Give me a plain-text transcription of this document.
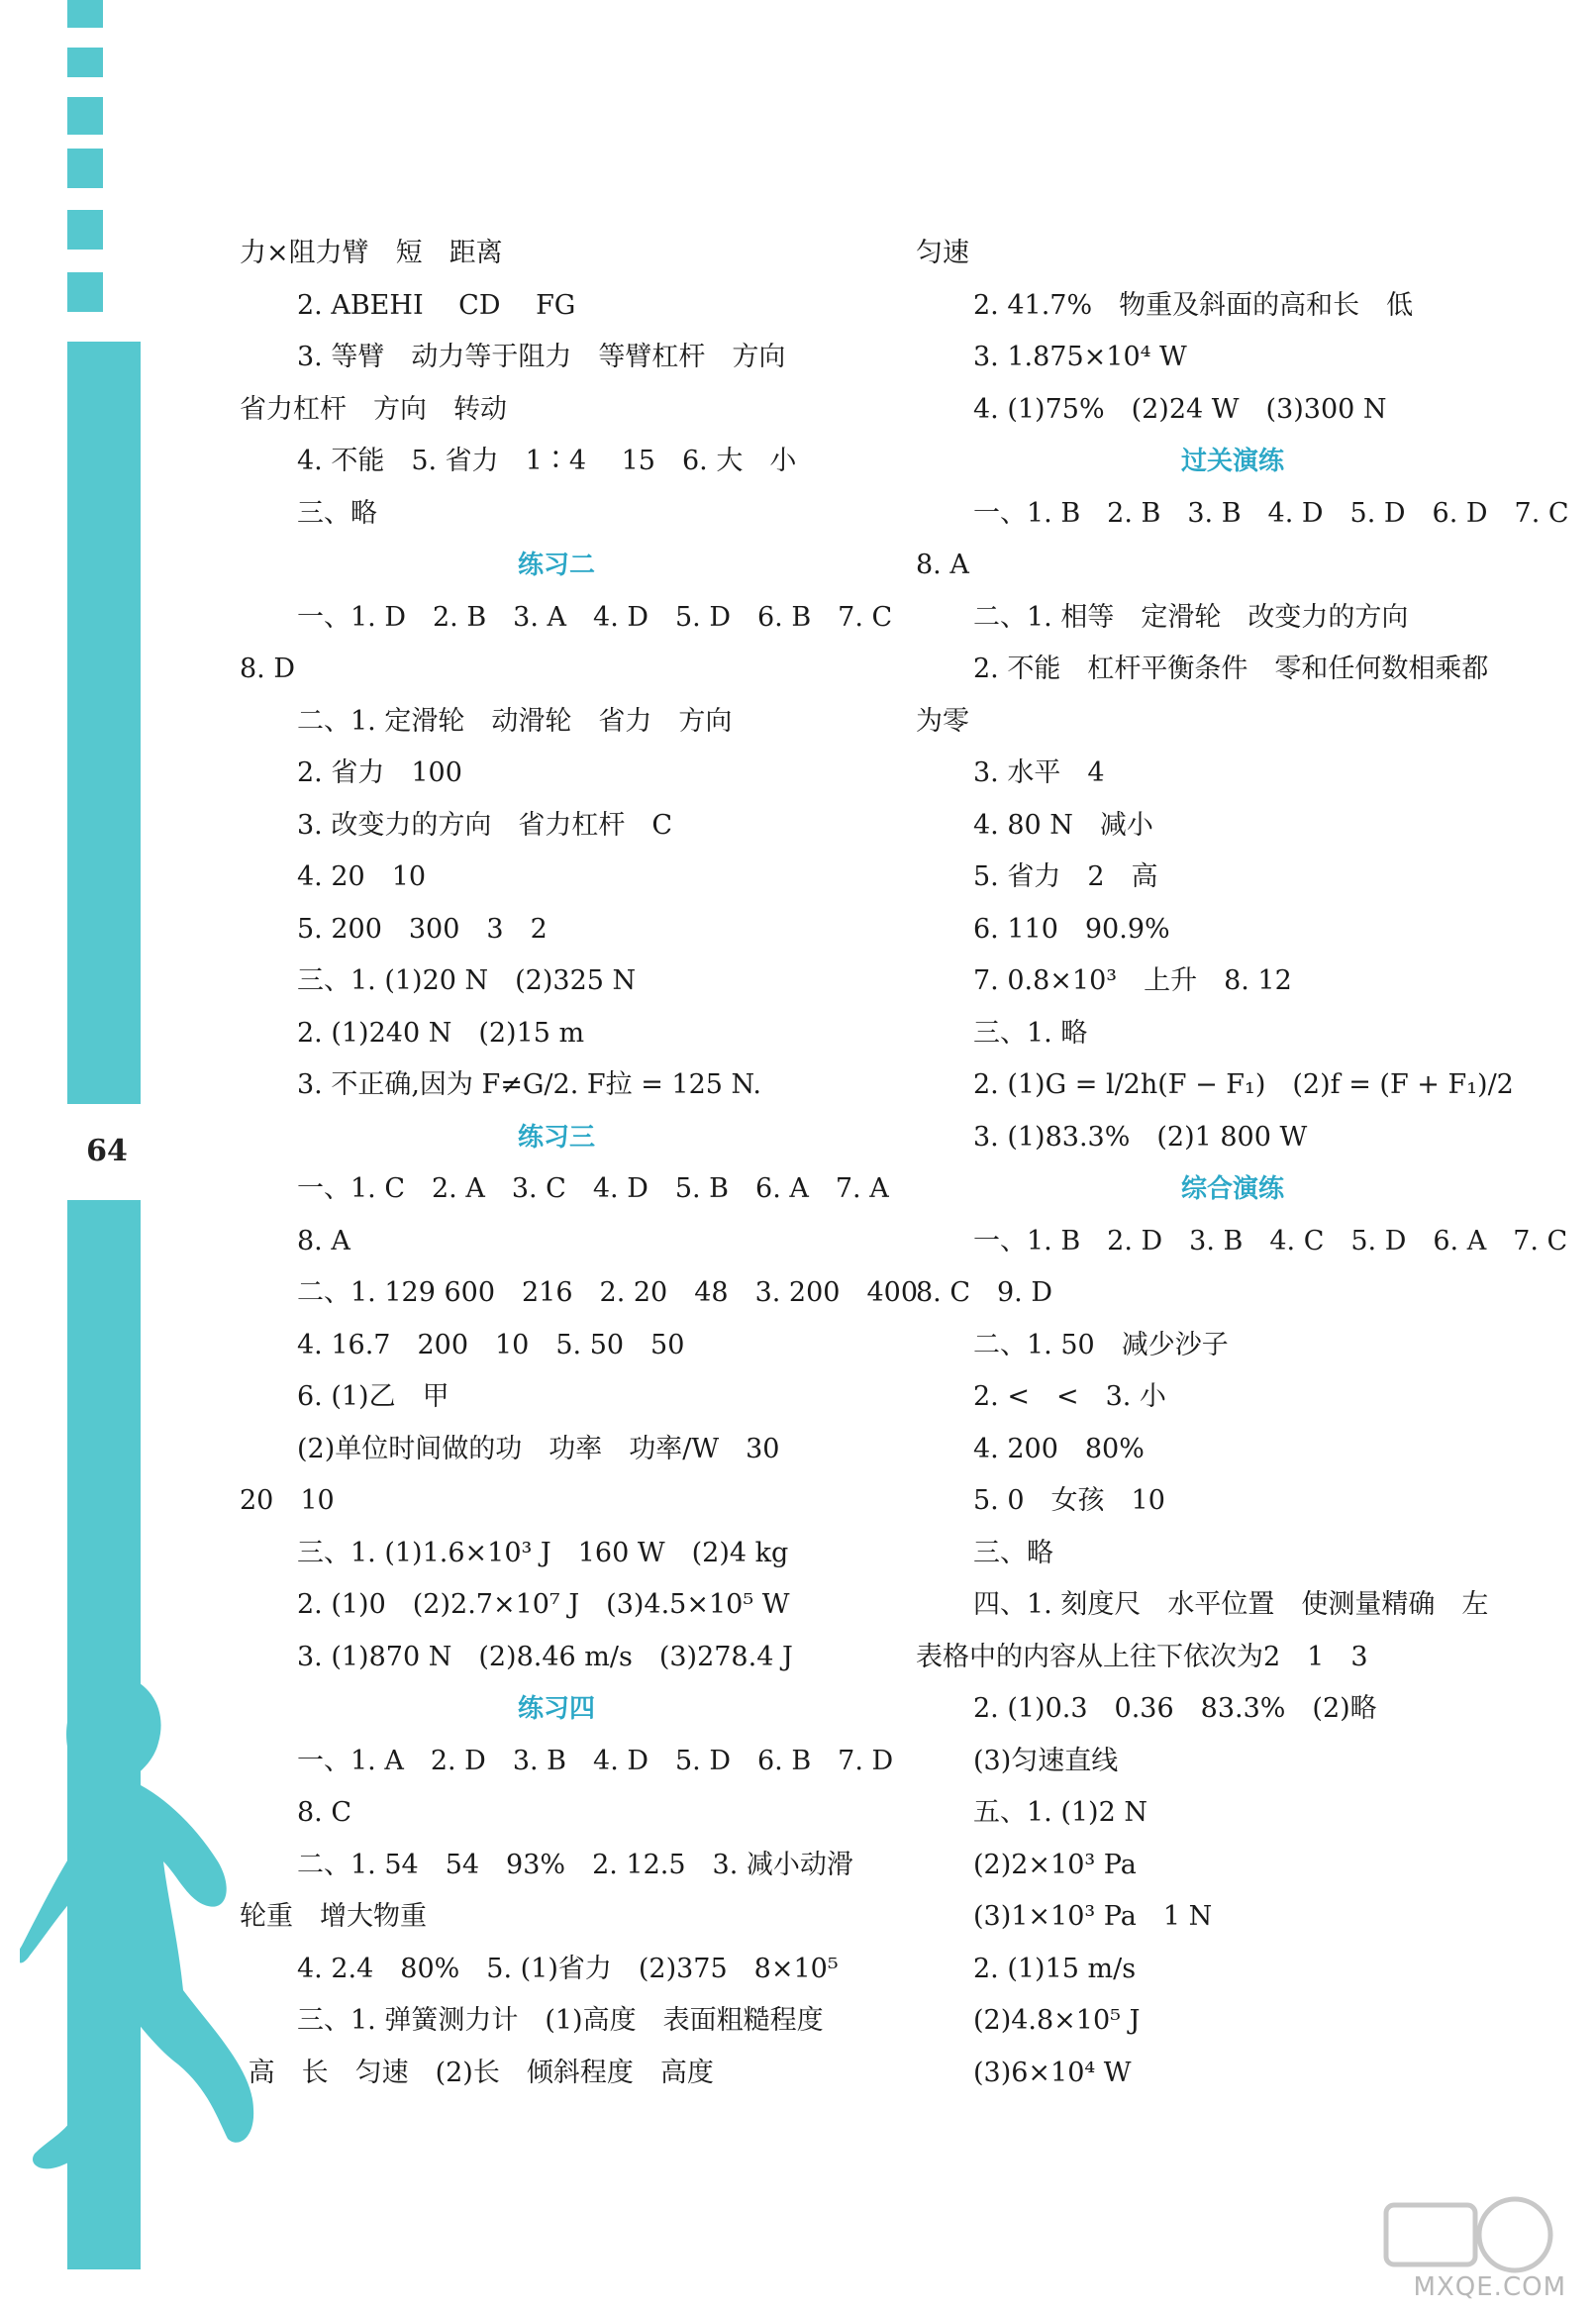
64
力×阻力臂　短　距离
2. ABEHI　 CD 　FG
3. 等臂　动力等于阻力　等臂杠杆　方向
省力杠杆　方向　转动
4. 不能　5. 省力　1∶4　 15　6. 大　小
三、略
练习二
一、1. D　2. B　3. A　4. D　5. D　6. B　7. C
8. D
二、1. 定滑轮　动滑轮　省力　方向
2. 省力　100
3. 改变力的方向　省力杠杆　C
4. 20　10
5. 200　300　3　2
三、1. (1)20 N　(2)325 N
2. (1)240 N　(2)15 m
3. 不正确,因为 F≠G/2. F拉 = 125 N.
练习三
一、1. C　2. A　3. C　4. D　5. B　6. A　7. A
8. A
二、1. 129 600　216　2. 20　48　3. 200　400
4. 16.7　200　10　5. 50　50
6. (1)乙　甲
(2)单位时间做的功　功率　功率/W　30
20　10
三、1. (1)1.6×10³ J　160 W　(2)4 kg
2. (1)0　(2)2.7×10⁷ J　(3)4.5×10⁵ W
3. (1)870 N　(2)8.46 m/s　(3)278.4 J
练习四
一、1. A　2. D　3. B　4. D　5. D　6. B　7. D
8. C
二、1. 54　54　93%　2. 12.5　3. 减小动滑
轮重　增大物重
4. 2.4　80%　5. (1)省力　(2)375　8×10⁵
三、1. 弹簧测力计　(1)高度　表面粗糙程度
高　长　匀速　(2)长　倾斜程度　高度
匀速
2. 41.7%　物重及斜面的高和长　低
3. 1.875×10⁴ W
4. (1)75%　(2)24 W　(3)300 N
过关演练
一、1. B　2. B　3. B　4. D　5. D　6. D　7. C
8. A
二、1. 相等　定滑轮　改变力的方向
2. 不能　杠杆平衡条件　零和任何数相乘都
为零
3. 水平　4
4. 80 N　减小
5. 省力　2　高
6. 110　90.9%
7. 0.8×10³　上升　8. 12
三、1. 略
2. (1)G = l/2h(F − F₁)　(2)f = (F + F₁)/2
3. (1)83.3%　(2)1 800 W
综合演练
一、1. B　2. D　3. B　4. C　5. D　6. A　7. C
8. C　9. D
二、1. 50　减少沙子
2. <　<　3. 小
4. 200　80%
5. 0　女孩　10
三、略
四、1. 刻度尺　水平位置　使测量精确　左
表格中的内容从上往下依次为2　1　3
2. (1)0.3　0.36　83.3%　(2)略
(3)匀速直线
五、1. (1)2 N
(2)2×10³ Pa
(3)1×10³ Pa　1 N
2. (1)15 m/s
(2)4.8×10⁵ J
(3)6×10⁴ W
MXQE.COM
